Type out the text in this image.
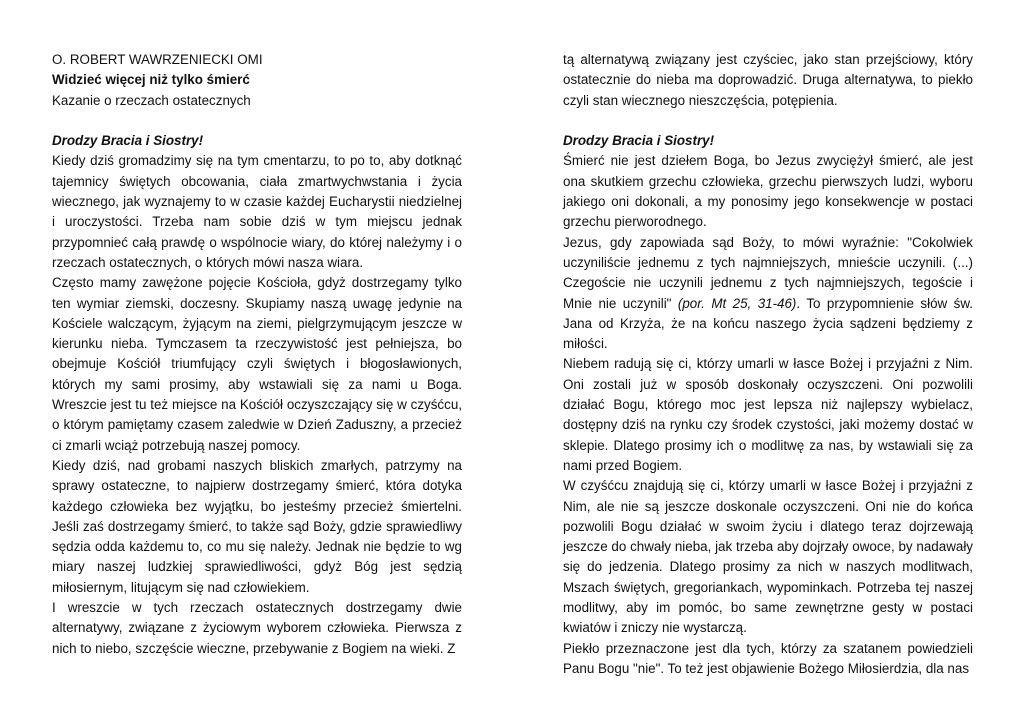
O. ROBERT WAWRZENIECKI OMI

Widzieć więcej niż tylko śmierć

Kazanie o rzeczach ostatecznych

Drodzy Bracia i Siostry!

Kiedy dziś gromadzimy się na tym cmentarzu, to po to, aby dotknąć tajemnicy świętych obcowania, ciała zmartwychwstania i życia wiecznego, jak wyznajemy to w czasie każdej Eucharystii niedzielnej i uroczystości. Trzeba nam sobie dziś w tym miejscu jednak przypomnieć całą prawdę o wspólnocie wiary, do której należymy i o rzeczach ostatecznych, o których mówi nasza wiara.

Często mamy zawężone pojęcie Kościoła, gdyż dostrzegamy tylko ten wymiar ziemski, doczesny. Skupiamy naszą uwagę jedynie na Kościele walczącym, żyjącym na ziemi, pielgrzymującym jeszcze w kierunku nieba. Tymczasem ta rzeczywistość jest pełniejsza, bo obejmuje Kościół triumfujący czyli świętych i błogosławionych, których my sami prosimy, aby wstawiali się za nami u Boga. Wreszcie jest tu też miejsce na Kościół oczyszczający się w czyśćcu, o którym pamiętamy czasem zaledwie w Dzień Zaduszny, a przecież ci zmarli wciąż potrzebują naszej pomocy.

Kiedy dziś, nad grobami naszych bliskich zmarłych, patrzymy na sprawy ostateczne, to najpierw dostrzegamy śmierć, która dotyka każdego człowieka bez wyjątku, bo jesteśmy przecież śmiertelni. Jeśli zaś dostrzegamy śmierć, to także sąd Boży, gdzie sprawiedliwy sędzia odda każdemu to, co mu się należy. Jednak nie będzie to wg miary naszej ludzkiej sprawiedliwości, gdyż Bóg jest sędzią miłosiernym, litującym się nad człowiekiem.

I wreszcie w tych rzeczach ostatecznych dostrzegamy dwie alternatywy, związane z życiowym wyborem człowieka. Pierwsza z nich to niebo, szczęście wieczne, przebywanie z Bogiem na wieki. Z

tą alternatywą związany jest czyściec, jako stan przejściowy, który ostatecznie do nieba ma doprowadzić. Druga alternatywa, to piekło czyli stan wiecznego nieszczęścia, potępienia.

Drodzy Bracia i Siostry!

Śmierć nie jest dziełem Boga, bo Jezus zwyciężył śmierć, ale jest ona skutkiem grzechu człowieka, grzechu pierwszych ludzi, wyboru jakiego oni dokonali, a my ponosimy jego konsekwencje w postaci grzechu pierworodnego.

Jezus, gdy zapowiada sąd Boży, to mówi wyraźnie: "Cokolwiek uczyniliście jednemu z tych najmniejszych, mnieście uczynili. (...) Czegoście nie uczynili jednemu z tych najmniejszych, tegoście i Mnie nie uczynili" (por. Mt 25, 31-46). To przypomnienie słów św. Jana od Krzyża, że na końcu naszego życia sądzeni będziemy z miłości.

Niebem radują się ci, którzy umarli w łasce Bożej i przyjaźni z Nim. Oni zostali już w sposób doskonały oczyszczeni. Oni pozwolili działać Bogu, którego moc jest lepsza niż najlepszy wybielacz, dostępny dziś na rynku czy środek czystości, jaki możemy dostać w sklepie. Dlatego prosimy ich o modlitwę za nas, by wstawiali się za nami przed Bogiem.

W czyśćcu znajdują się ci, którzy umarli w łasce Bożej i przyjaźni z Nim, ale nie są jeszcze doskonale oczyszczeni. Oni nie do końca pozwolili Bogu działać w swoim życiu i dlatego teraz dojrzewają jeszcze do chwały nieba, jak trzeba aby dojrzały owoce, by nadawały się do jedzenia. Dlatego prosimy za nich w naszych modlitwach, Mszach świętych, gregoriankach, wypominkach. Potrzeba tej naszej modlitwy, aby im pomóc, bo same zewnętrzne gesty w postaci kwiatów i zniczy nie wystarczą.

Piekło przeznaczone jest dla tych, którzy za szatanem powiedzieli Panu Bogu "nie". To też jest objawienie Bożego Miłosierdzia, dla nas
